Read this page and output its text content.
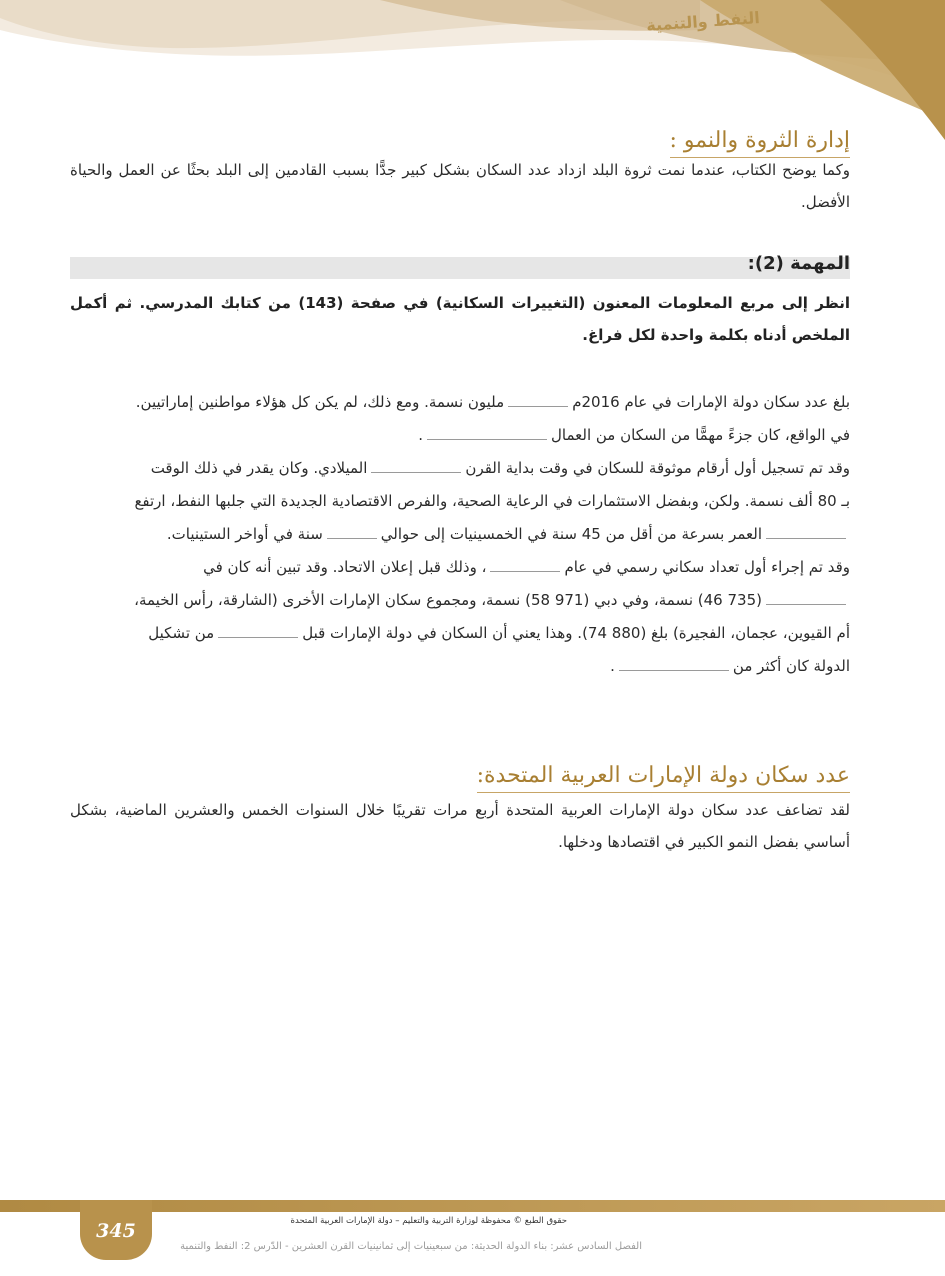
النفط والتنمية
إدارة الثروة والنمو :

وكما يوضح الكتاب، عندما نمت ثروة البلد ازداد عدد السكان بشكل كبير جدًّا بسبب القادمين إلى البلد بحثًا عن العمل والحياة الأفضل.

المهمة (2):

انظر إلى مربع المعلومات المعنون (التغييرات السكانية) في صفحة (143) من كتابك المدرسي. ثم أكمل الملخص أدناه بكلمة واحدة لكل فراغ.

بلغ عدد سكان دولة الإمارات في عام 2016ممليون نسمة. ومع ذلك، لم يكن كل هؤلاء مواطنين إماراتيين.
في الواقع، كان جزءً مهمًّا من السكان من العمال.
وقد تم تسجيل أول أرقام موثوقة للسكان في وقت بداية القرنالميلادي. وكان يقدر في ذلك الوقت
بـ 80 ألف نسمة. ولكن، وبفضل الاستثمارات في الرعاية الصحية، والفرص الاقتصادية الجديدة التي جلبها النفط، ارتفع
العمر بسرعة من أقل من 45 سنة في الخمسينيات إلى حواليسنة في أواخر الستينيات.
وقد تم إجراء أول تعداد سكاني رسمي في عام، وذلك قبل إعلان الاتحاد. وقد تبين أنه كان في
(735 46) نسمة، وفي دبي (971 58) نسمة، ومجموع سكان الإمارات الأخرى (الشارقة، رأس الخيمة،
أم القيوين، عجمان، الفجيرة) بلغ (880 74). وهذا يعني أن السكان في دولة الإمارات قبلمن تشكيل
الدولة كان أكثر من.
عدد سكان دولة الإمارات العربية المتحدة:

لقد تضاعف عدد سكان دولة الإمارات العربية المتحدة أربع مرات تقريبًا خلال السنوات الخمس والعشرين الماضية، بشكل أساسي بفضل النمو الكبير في اقتصادها ودخلها.

345	حقوق الطبع © محفوظة لوزارة التربية والتعليم – دولة الإمارات العربية المتحدة
الفصل السادس عشر: بناء الدولة الحديثة: من سبعينيات إلى ثمانينيات القرن العشرين - الدّرس 2: النفط والتنمية
